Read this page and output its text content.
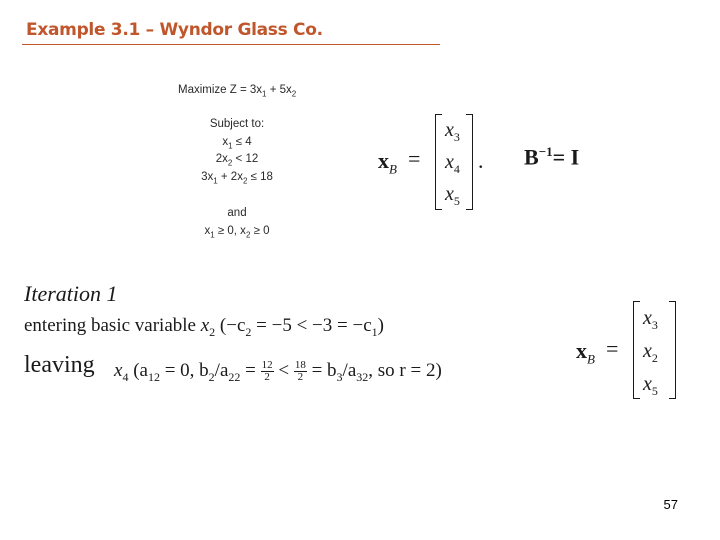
Example 3.1 – Wyndor Glass Co.
Maximize $Z = 3x_1 + 5x_2$
Subject to:
$x_1 \le 4$
$2x_2 < 12$
$3x_1 + 2x_2 \le 18$
and
$x_1 \ge 0$, $x_2 \ge 0$
$x_B$ =
$x_3$
$x_4$
$x_5$
. $B^{-1}= I$
Iteration 1
entering basic variable $x_2$ $(-c_2 = -5 < -3 = -c_1)$
leaving $x_4$ ($a_{12} = 0$, $b_2/a_{22} = \frac{12}{2} < \frac{18}{2} = b_3/a_{32}$, so r = 2)
$x_B$ =
$x_3$
$x_2$
$x_5$
57
